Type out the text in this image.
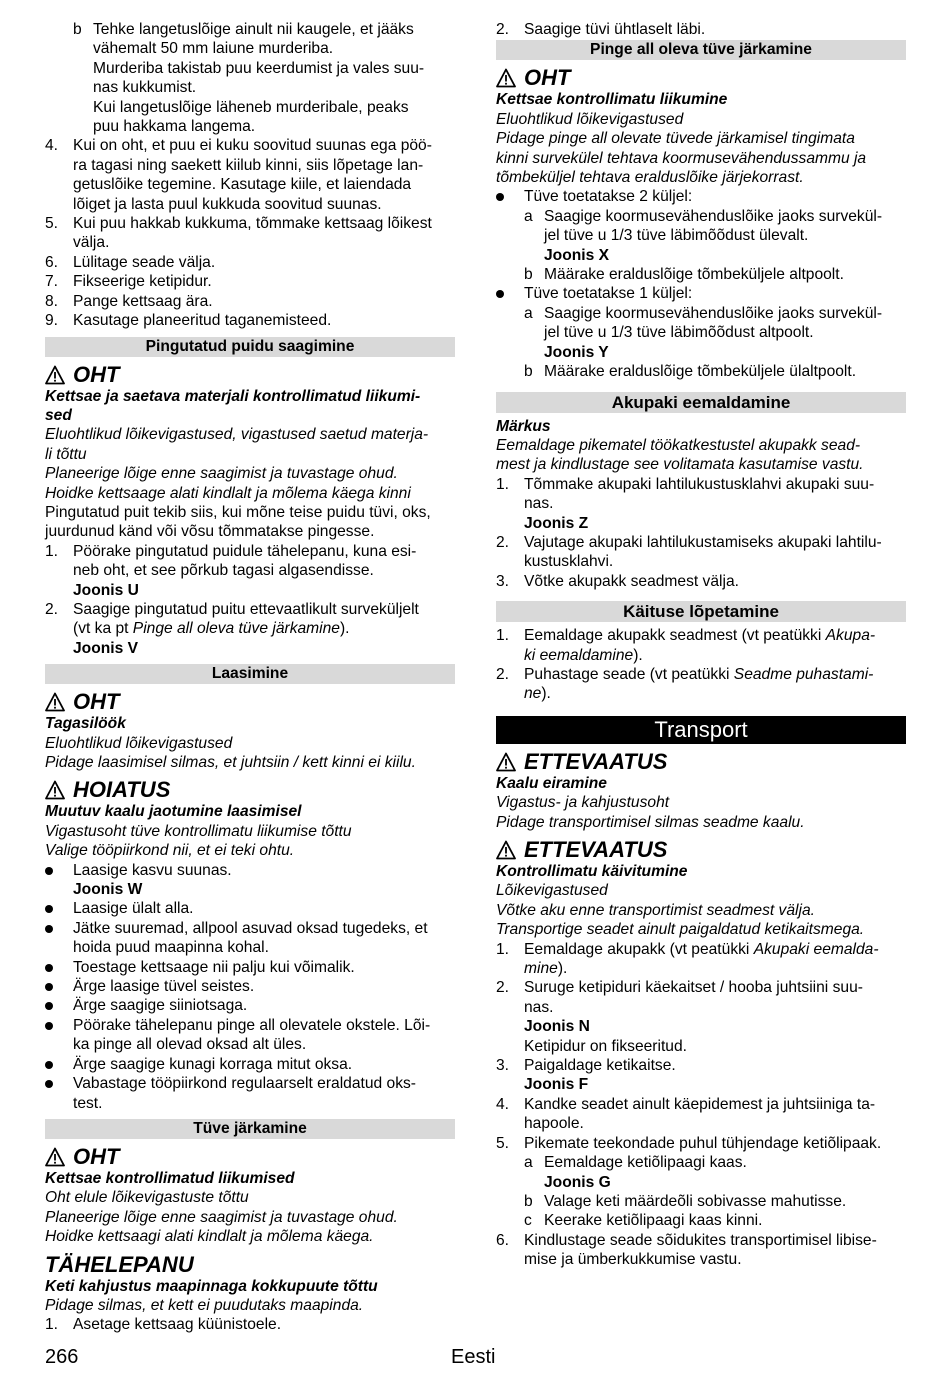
b Tehke langetuslõige ainult nii kaugele, et jääks
vähemalt 50 mm laiune murderiba.
Murderiba takistab puu keerdumist ja vales suu-
nas kukkumist.
Kui langetuslõige läheneb murderibale, peaks
puu hakkama langema.
4. Kui on oht, et puu ei kuku soovitud suunas ega pöö-
ra tagasi ning saekett kiilub kinni, siis lõpetage lan-
getuslõike tegemine. Kasutage kiile, et laiendada
lõiget ja lasta puul kukkuda soovitud suunas.
5. Kui puu hakkab kukkuma, tõmmake kettsaag lõikest
välja.
6. Lülitage seade välja.
7. Fikseerige ketipidur.
8. Pange kettsaag ära.
9. Kasutage planeeritud taganemisteed.
Pingutatud puidu saagimine
OHT
Kettsae ja saetava materjali kontrollimatud liikumi-
sed
Eluohtlikud lõikevigastused, vigastused saetud materja-
li tõttu
Planeerige lõige enne saagimist ja tuvastage ohud.
Hoidke kettsaage alati kindlalt ja mõlema käega kinni
Pingutatud puit tekib siis, kui mõne teise puidu tüvi, oks,
juurdunud känd või võsu tõmmatakse pingesse.
1. Pöörake pingutatud puidule tähelepanu, kuna esi-
neb oht, et see põrkub tagasi algasendisse.
Joonis U
2. Saagige pingutatud puitu ettevaatlikult surveküljelt
(vt ka pt Pinge all oleva tüve järkamine).
Joonis V
Laasimine
OHT
Tagasilöök
Eluohtlikud lõikevigastused
Pidage laasimisel silmas, et juhtsiin / kett kinni ei kiilu.
HOIATUS
Muutuv kaalu jaotumine laasimisel
Vigastusoht tüve kontrollimatu liikumise tõttu
Valige tööpiirkond nii, et ei teki ohtu.
Laasige kasvu suunas.
Joonis W
Laasige ülalt alla.
Jätke suuremad, allpool asuvad oksad tugedeks, et
hoida puud maapinna kohal.
Toestage kettsaage nii palju kui võimalik.
Ärge laasige tüvel seistes.
Ärge saagige siiniotsaga.
Pöörake tähelepanu pinge all olevatele okstele. Lõi-
ka pinge all olevad oksad alt üles.
Ärge saagige kunagi korraga mitut oksa.
Vabastage tööpiirkond regulaarselt eraldatud oks-
test.
Tüve järkamine
OHT
Kettsae kontrollimatud liikumised
Oht elule lõikevigastuste tõttu
Planeerige lõige enne saagimist ja tuvastage ohud.
Hoidke kettsaagi alati kindlalt ja mõlema käega.
TÄHELEPANU
Keti kahjustus maapinnaga kokkupuute tõttu
Pidage silmas, et kett ei puudutaks maapinda.
1. Asetage kettsaag küünistoele.
2. Saagige tüvi ühtlaselt läbi.
Pinge all oleva tüve järkamine
OHT
Kettsae kontrollimatu liikumine
Eluohtlikud lõikevigastused
Pidage pinge all olevate tüvede järkamisel tingimata
kinni survekülel tehtava koormusevähendussammu ja
tõmbeküljel tehtava eralduslõike järjekorrast.
Tüve toetatakse 2 küljel:
a Saagige koormusevähenduslõike jaoks survekül-
jel tüve u 1/3 tüve läbimõõdust ülevalt.
Joonis X
b Määrake eralduslõige tõmbeküljele altpoolt.
Tüve toetatakse 1 küljel:
a Saagige koormusevähenduslõike jaoks survekül-
jel tüve u 1/3 tüve läbimõõdust altpoolt.
Joonis Y
b Määrake eralduslõige tõmbeküljele ülaltpoolt.
Akupaki eemaldamine
Märkus
Eemaldage pikematel töökatkestustel akupakk sead-
mest ja kindlustage see volitamata kasutamise vastu.
1. Tõmmake akupaki lahtilukustusklahvi akupaki suu-
nas.
Joonis Z
2. Vajutage akupaki lahtilukustamiseks akupaki lahtilu-
kustusklahvi.
3. Võtke akupakk seadmest välja.
Käituse lõpetamine
1. Eemaldage akupakk seadmest (vt peatükki Akupa-
ki eemaldamine).
2. Puhastage seade (vt peatükki Seadme puhastami-
ne).
Transport
ETTEVAATUS
Kaalu eiramine
Vigastus- ja kahjustusoht
Pidage transportimisel silmas seadme kaalu.
ETTEVAATUS
Kontrollimatu käivitumine
Lõikevigastused
Võtke aku enne transportimist seadmest välja.
Transportige seadet ainult paigaldatud ketikaitsmega.
1. Eemaldage akupakk (vt peatükki Akupaki eemalda-
mine).
2. Suruge ketipiduri käekaitset / hooba juhtsiini suu-
nas.
Joonis N
Ketipidur on fikseeritud.
3. Paigaldage ketikaitse.
Joonis F
4. Kandke seadet ainult käepidemest ja juhtsiiniga ta-
hapoole.
5. Pikemate teekondade puhul tühjendage ketiõlipaak.
a Eemaldage ketiõlipaagi kaas.
Joonis G
b Valage keti määrdeõli sobivasse mahutisse.
c Keerake ketiõlipaagi kaas kinni.
6. Kindlustage seade sõidukites transportimisel libise-
mise ja ümberkukkumise vastu.
266	Eesti
